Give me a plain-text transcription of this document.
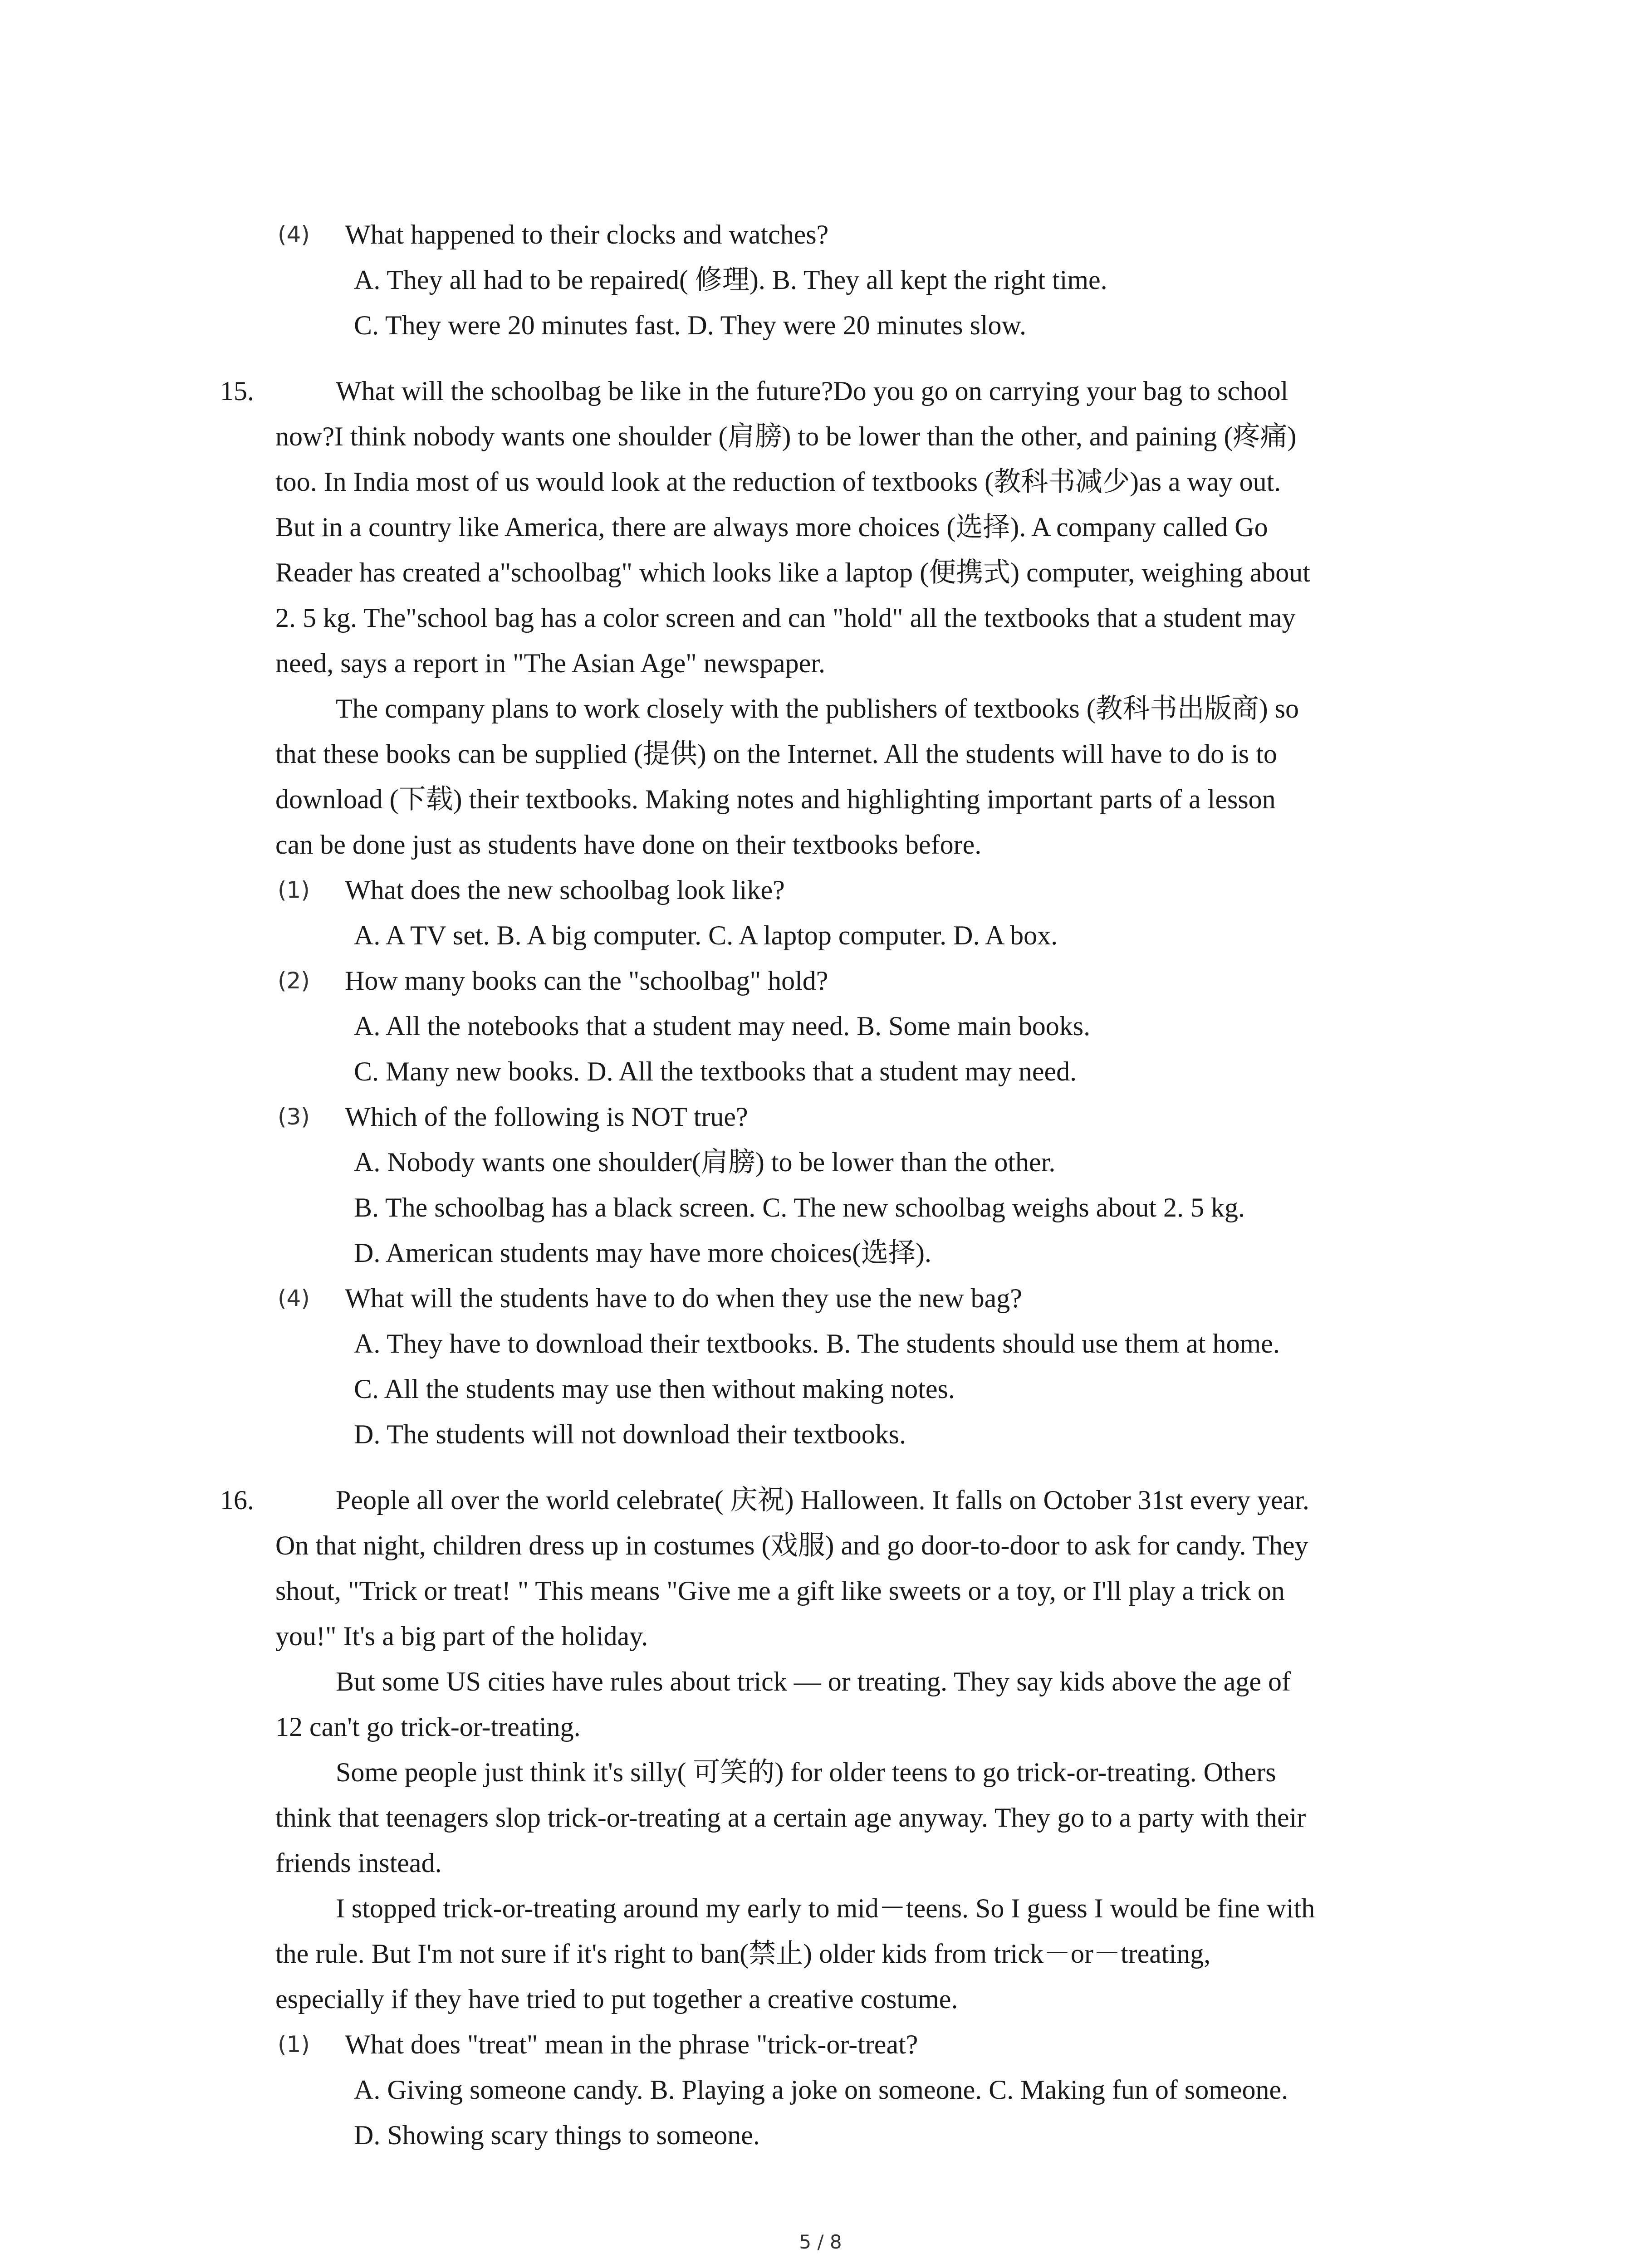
(4) What happened to their clocks and watches?
A. They all had to be repaired( 修理). B. They all kept the right time.
C. They were 20 minutes fast. D. They were 20 minutes slow.
15.	What will the schoolbag be like in the future?Do you go on carrying your bag to school
now?I think nobody wants one shoulder (肩膀) to be lower than the other, and paining (疼痛)
too. In India most of us would look at the reduction of textbooks (教科书减少)as a way out.
But in a country like America, there are always more choices (选择). A company called Go
Reader has created a"schoolbag" which looks like a laptop (便携式) computer, weighing about
2. 5 kg. The"school bag has a color screen and can "hold" all the textbooks that a student may
need, says a report in "The Asian Age" newspaper.
The company plans to work closely with the publishers of textbooks (教科书出版商) so
that these books can be supplied (提供) on the Internet. All the students will have to do is to
download (下载) their textbooks. Making notes and highlighting important parts of a lesson
can be done just as students have done on their textbooks before.
(1) What does the new schoolbag look like?
A. A TV set. B. A big computer. C. A laptop computer. D. A box.
(2) How many books can the "schoolbag" hold?
A. All the notebooks that a student may need. B. Some main books.
C. Many new books. D. All the textbooks that a student may need.
(3) Which of the following is NOT true?
A. Nobody wants one shoulder(肩膀) to be lower than the other.
B. The schoolbag has a black screen. C. The new schoolbag weighs about 2. 5 kg.
D. American students may have more choices(选择).
(4) What will the students have to do when they use the new bag?
A. They have to download their textbooks. B. The students should use them at home.
C. All the students may use then without making notes.
D. The students will not download their textbooks.
16.	People all over the world celebrate( 庆祝) Halloween. It falls on October 31st every year.
On that night, children dress up in costumes (戏服) and go door-to-door to ask for candy. They
shout, "Trick or treat! " This means "Give me a gift like sweets or a toy, or I'll play a trick on
you!" It's a big part of the holiday.
But some US cities have rules about trick — or treating. They say kids above the age of
12 can't go trick-or-treating.
Some people just think it's silly( 可笑的) for older teens to go trick-or-treating. Others
think that teenagers slop trick-or-treating at a certain age anyway. They go to a party with their
friends instead.
I stopped trick-or-treating around my early to mid－teens. So I guess I would be fine with
the rule. But I'm not sure if it's right to ban(禁止) older kids from trick－or－treating,
especially if they have tried to put together a creative costume.
(1) What does "treat" mean in the phrase "trick-or-treat?
A. Giving someone candy. B. Playing a joke on someone. C. Making fun of someone.
D. Showing scary things to someone.
5 / 8
